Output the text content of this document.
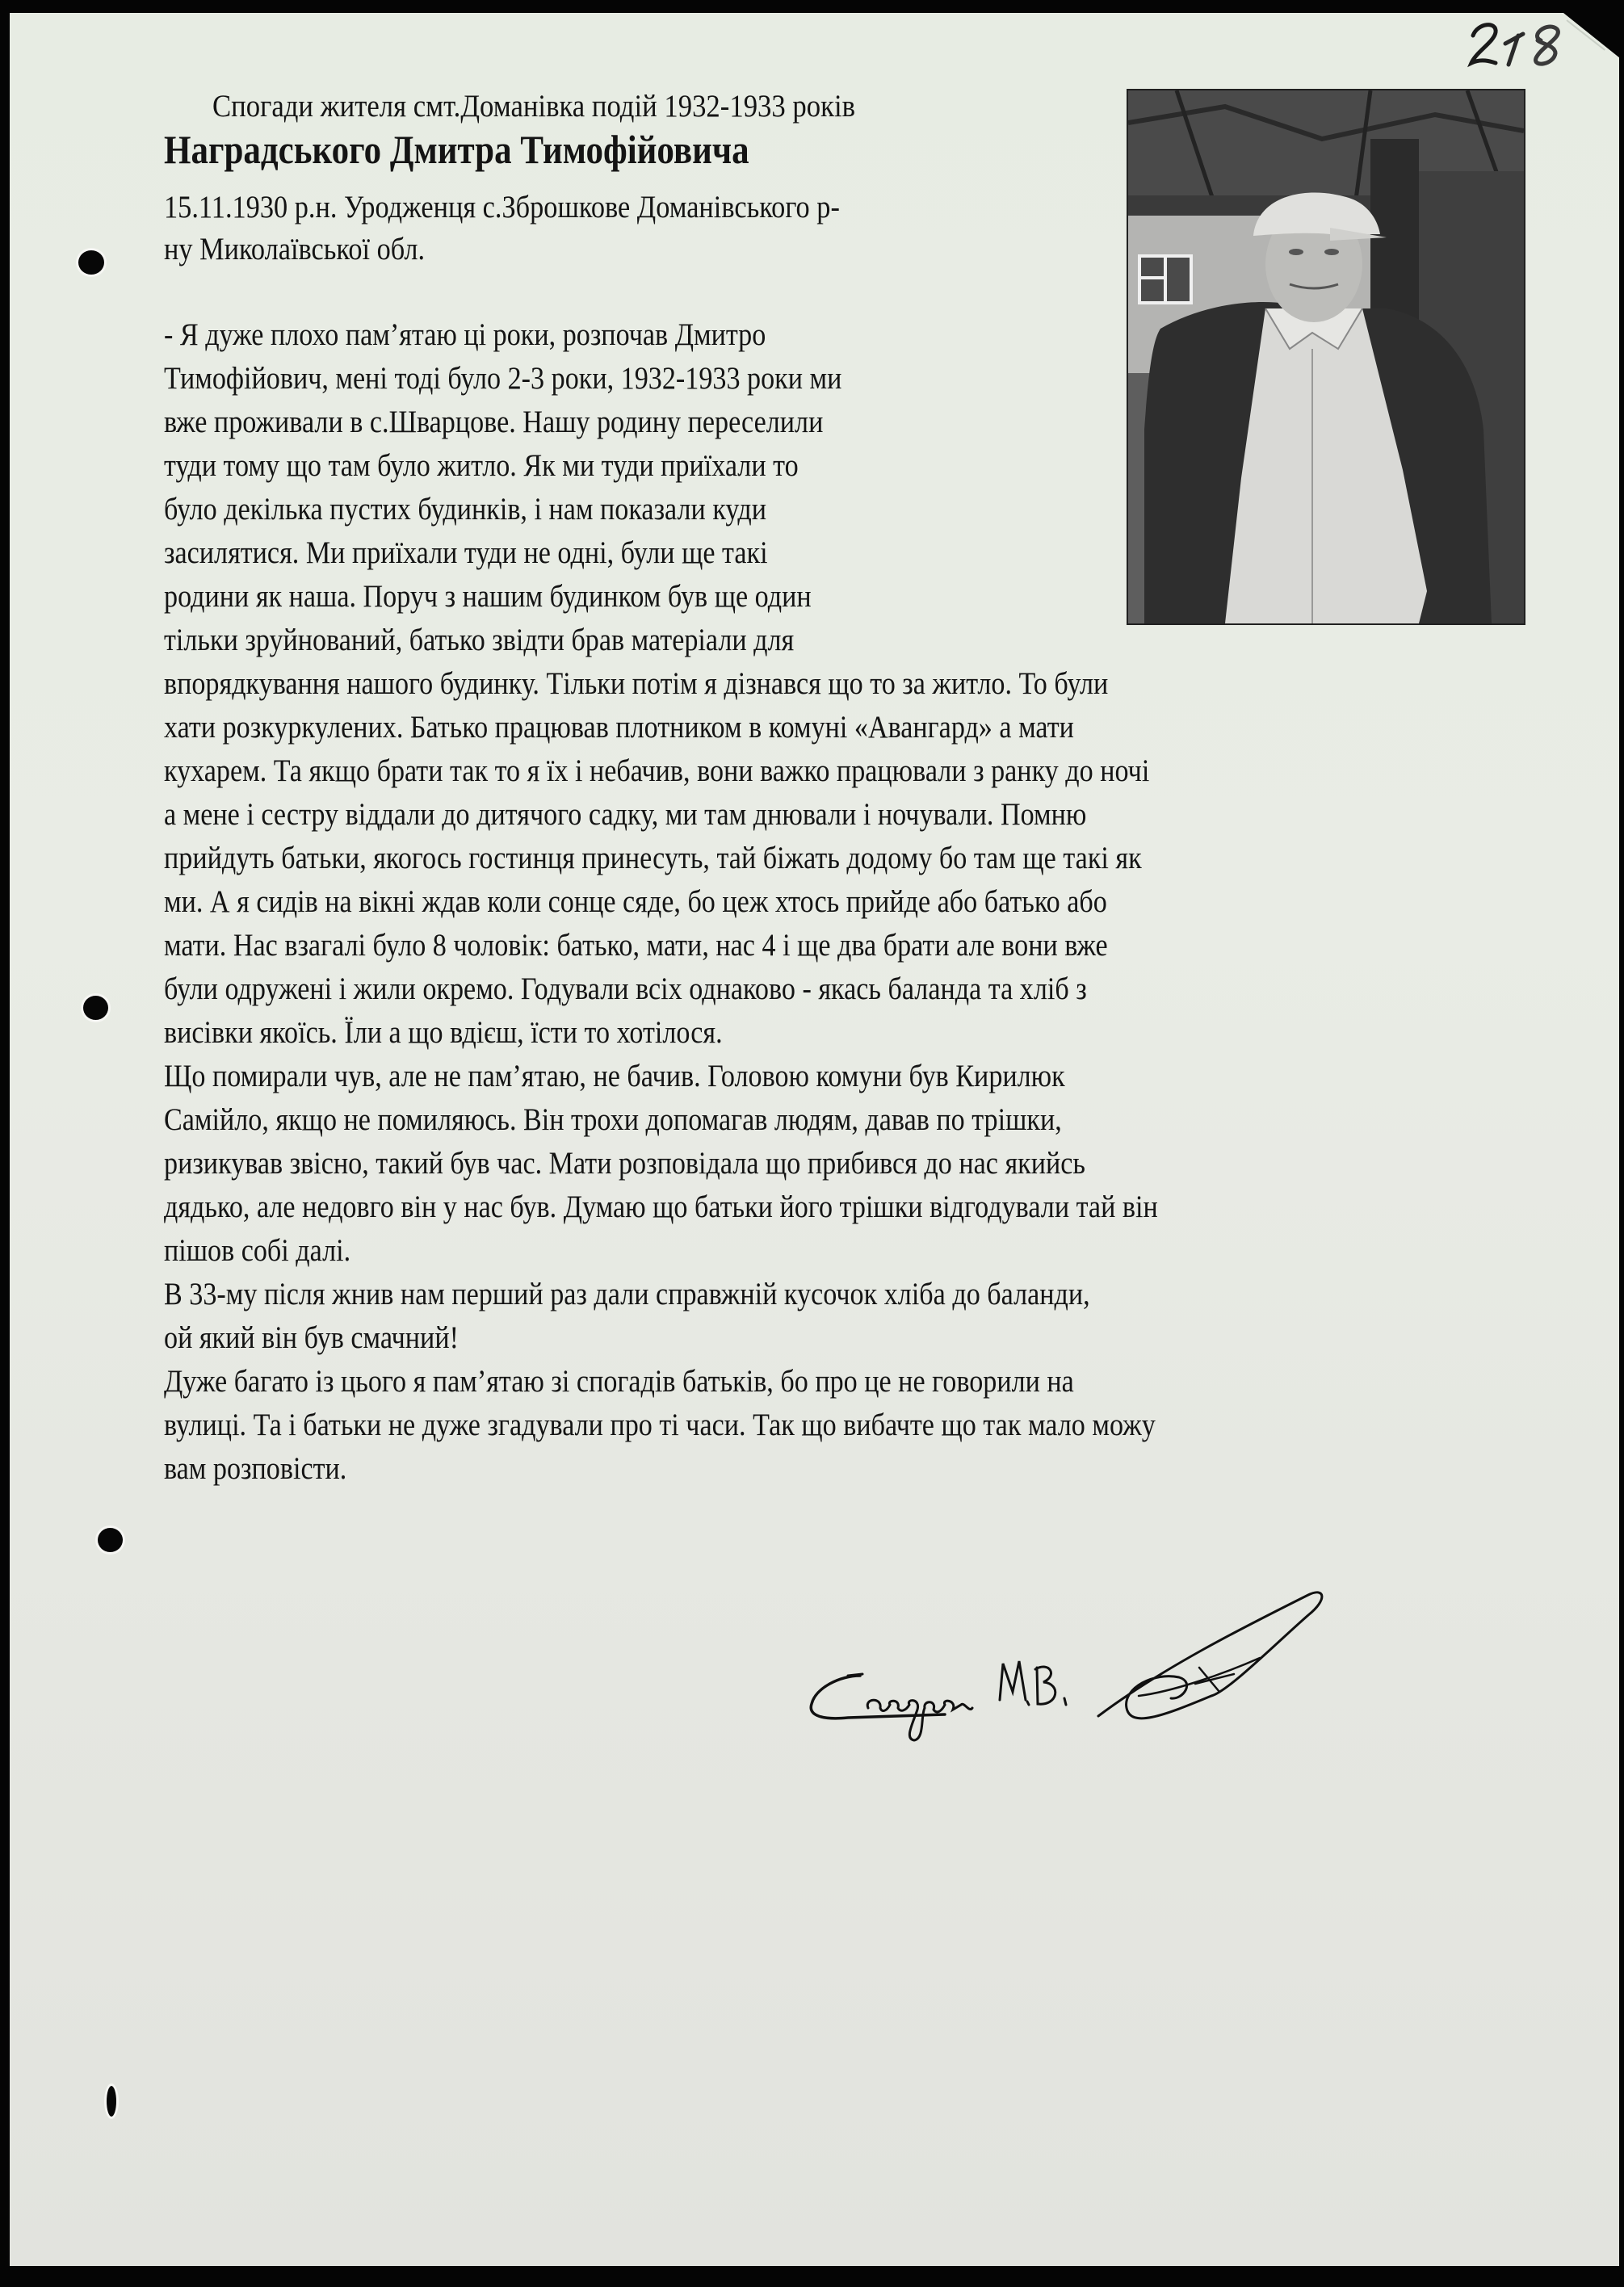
278
Спогади жителя смт.Доманівка подій 1932-1933 років
Наградського Дмитра Тимофійовича
15.11.1930 р.н. Уродженця с.Зброшкове Доманівського р-
ну Миколаївської обл.
- Я дуже плохо пам’ятаю ці роки, розпочав Дмитро
Тимофійович, мені тоді було 2-3 роки, 1932-1933 роки ми
вже проживали в с.Шварцове. Нашу родину переселили
туди тому що там було житло. Як ми туди приїхали то
було декілька пустих будинків, і нам показали куди
засилятися. Ми приїхали туди не одні, були ще такі
родини як наша. Поруч з нашим будинком був ще один
тільки зруйнований, батько звідти брав матеріали для
впорядкування нашого будинку. Тільки потім я дізнався що то за житло. То були
хати розкуркулених. Батько працював плотником в комуні «Авангард» а мати
кухарем. Та якщо брати так то я їх і небачив, вони важко працювали з ранку до ночі
а мене і сестру віддали до дитячого садку, ми там днювали і ночували. Помню
прийдуть батьки, якогось гостинця принесуть, тай біжать додому бо там ще такі як
ми. А я сидів на вікні ждав коли сонце сяде, бо цеж хтось прийде або батько або
мати. Нас взагалі було 8 чоловік: батько, мати, нас 4 і ще два брати але вони вже
були одружені і жили окремо. Годували всіх однаково - якась баланда та хліб з
висівки якоїсь. Їли а що вдієш, їсти то хотілося.
Що помирали чув, але не пам’ятаю, не бачив. Головою комуни був Кирилюк
Самійло, якщо не помиляюсь. Він трохи допомагав людям, давав по трішки,
ризикував звісно, такий був час. Мати розповідала що прибився до нас якийсь
дядько, але недовго він у нас був. Думаю що батьки його трішки відгодували тай він
пішов собі далі.
В 33-му після жнив нам перший раз дали справжній кусочок хліба до баланди,
ой який він був смачний!
Дуже багато із цього я пам’ятаю зі спогадів батьків, бо про це не говорили на
вулиці. Та і батьки не дуже згадували про ті часи. Так що вибачте що так мало можу
вам розповісти.
